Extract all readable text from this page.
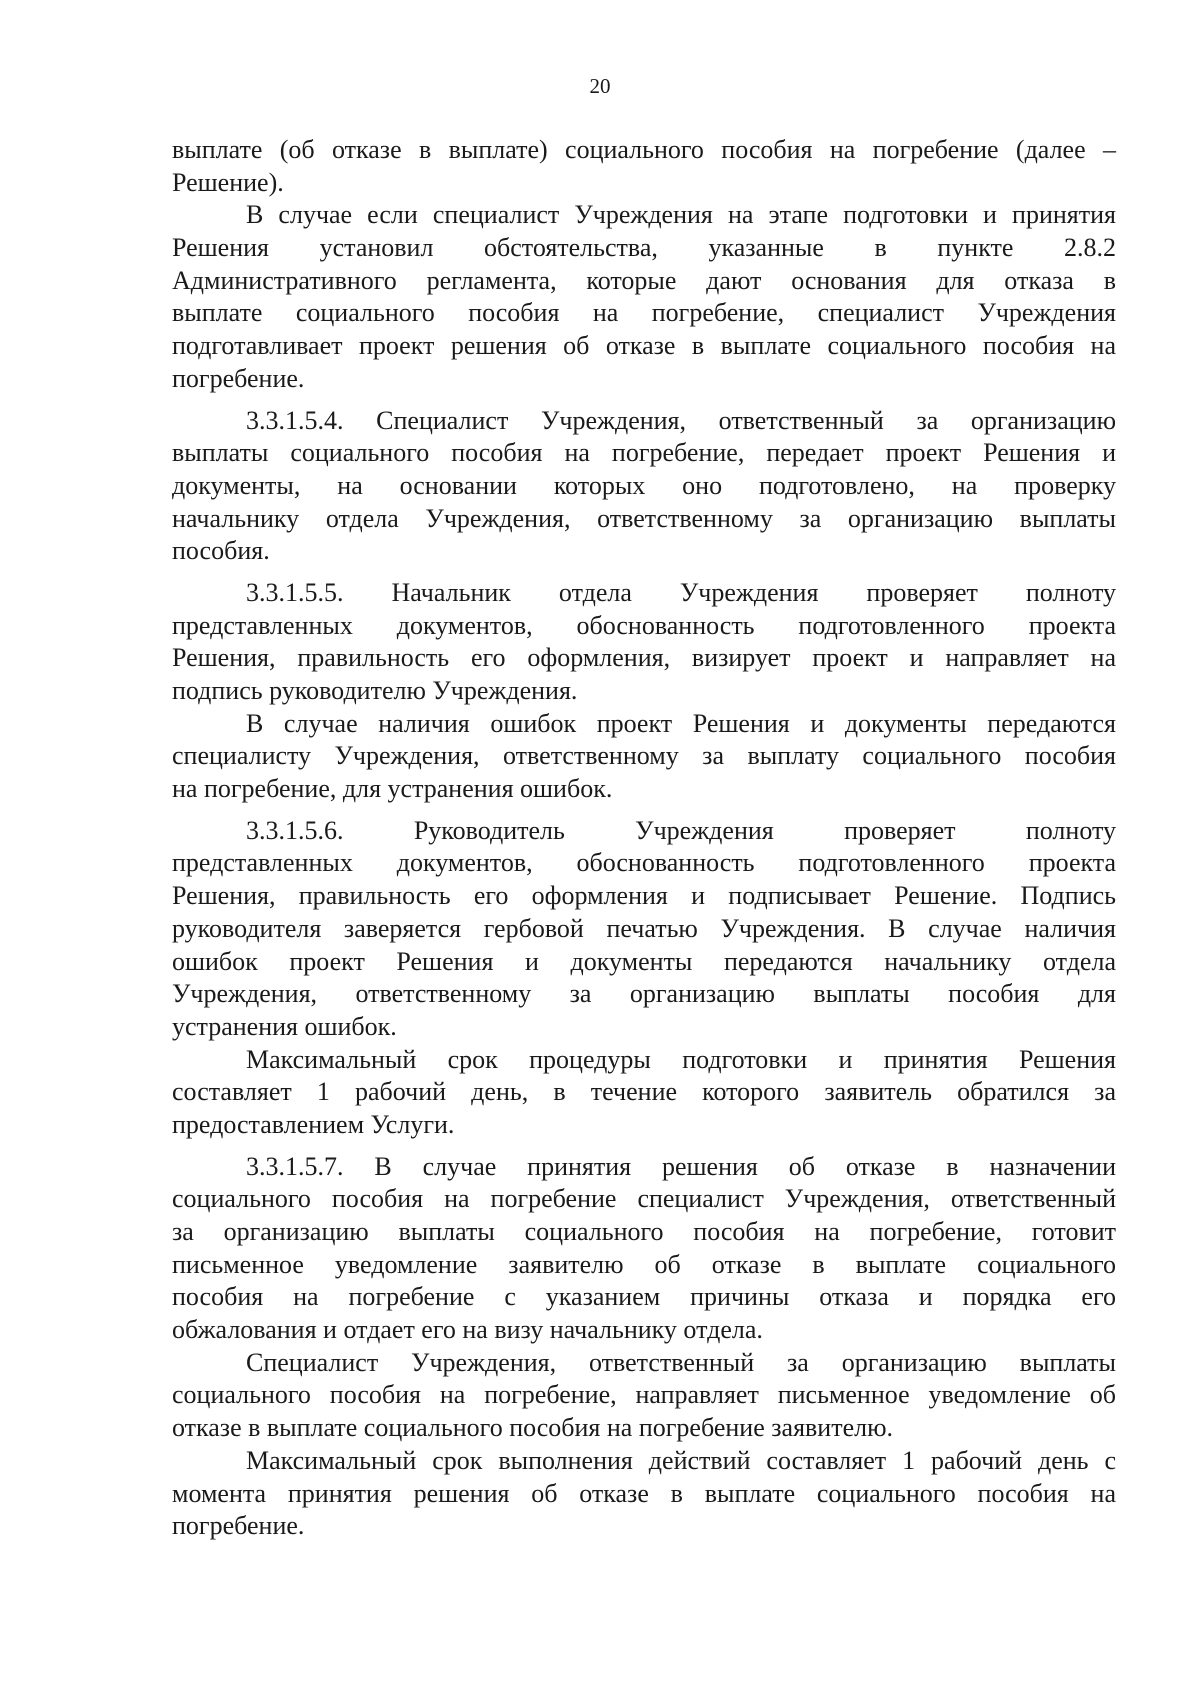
20
выплате (об отказе в выплате) социального пособия на погребение (далее –
Решение).
В случае если специалист Учреждения на этапе подготовки и принятия
Решения установил обстоятельства, указанные в пункте 2.8.2
Административного регламента, которые дают основания для отказа в
выплате социального пособия на погребение, специалист Учреждения
подготавливает проект решения об отказе в выплате социального пособия на
погребение.
3.3.1.5.4. Специалист Учреждения, ответственный за организацию
выплаты социального пособия на погребение, передает проект Решения и
документы, на основании которых оно подготовлено, на проверку
начальнику отдела Учреждения, ответственному за организацию выплаты
пособия.
3.3.1.5.5. Начальник отдела Учреждения проверяет полноту
представленных документов, обоснованность подготовленного проекта
Решения, правильность его оформления, визирует проект и направляет на
подпись руководителю Учреждения.
В случае наличия ошибок проект Решения и документы передаются
специалисту Учреждения, ответственному за выплату социального пособия
на погребение, для устранения ошибок.
3.3.1.5.6. Руководитель Учреждения проверяет полноту
представленных документов, обоснованность подготовленного проекта
Решения, правильность его оформления и подписывает Решение. Подпись
руководителя заверяется гербовой печатью Учреждения. В случае наличия
ошибок проект Решения и документы передаются начальнику отдела
Учреждения, ответственному за организацию выплаты пособия для
устранения ошибок.
Максимальный срок процедуры подготовки и принятия Решения
составляет 1 рабочий день, в течение которого заявитель обратился за
предоставлением Услуги.
3.3.1.5.7. В случае принятия решения об отказе в назначении
социального пособия на погребение специалист Учреждения, ответственный
за организацию выплаты социального пособия на погребение, готовит
письменное уведомление заявителю об отказе в выплате социального
пособия на погребение с указанием причины отказа и порядка его
обжалования и отдает его на визу начальнику отдела.
Специалист Учреждения, ответственный за организацию выплаты
социального пособия на погребение, направляет письменное уведомление об
отказе в выплате социального пособия на погребение заявителю.
Максимальный срок выполнения действий составляет 1 рабочий день с
момента принятия решения об отказе в выплате социального пособия на
погребение.
